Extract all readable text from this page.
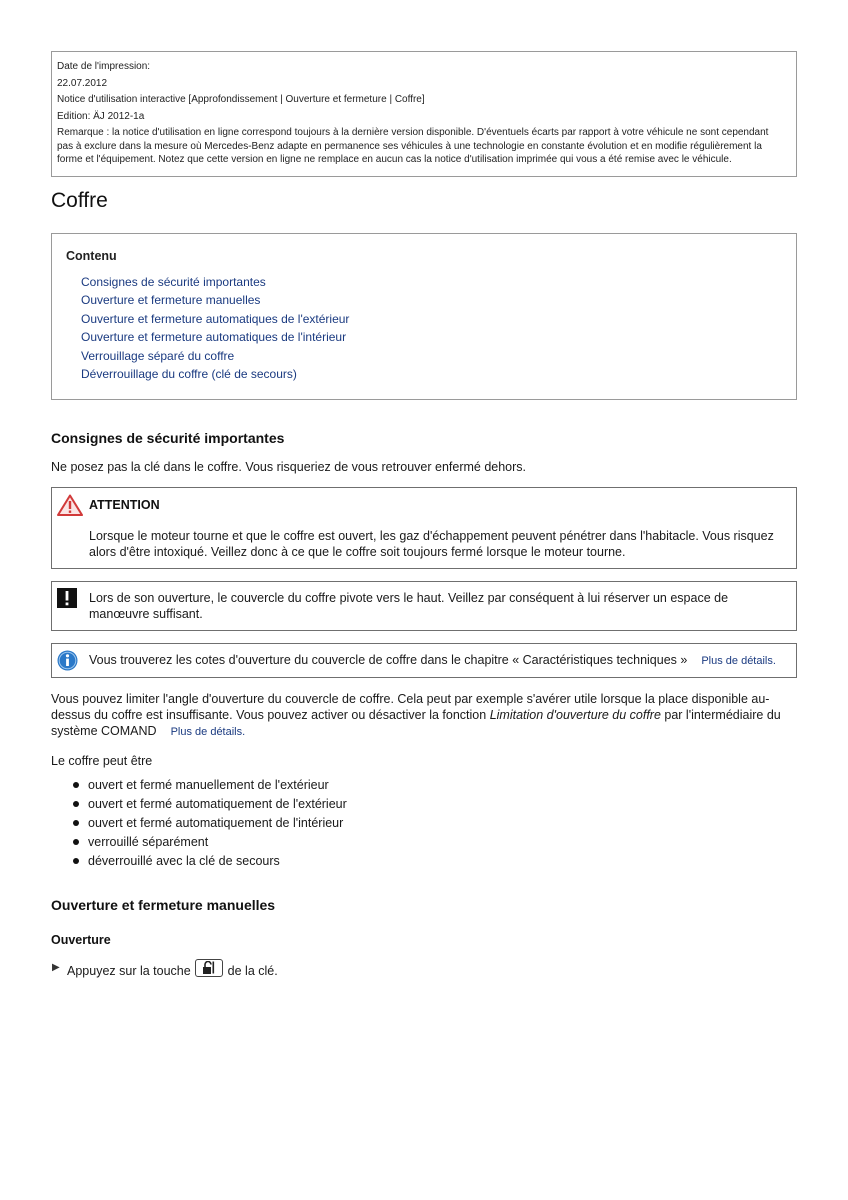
Date de l'impression:
22.07.2012
Notice d'utilisation interactive [Approfondissement | Ouverture et fermeture | Coffre]
Edition: ÄJ 2012-1a
Remarque : la notice d'utilisation en ligne correspond toujours à la dernière version disponible. D'éventuels écarts par rapport à votre véhicule ne sont cependant pas à exclure dans la mesure où Mercedes-Benz adapte en permanence ses véhicules à une technologie en constante évolution et en modifie régulièrement la forme et l'équipement. Notez que cette version en ligne ne remplace en aucun cas la notice d'utilisation imprimée qui vous a été remise avec le véhicule.
Coffre
Contenu
Consignes de sécurité importantes
Ouverture et fermeture manuelles
Ouverture et fermeture automatiques de l'extérieur
Ouverture et fermeture automatiques de l'intérieur
Verrouillage séparé du coffre
Déverrouillage du coffre (clé de secours)
Consignes de sécurité importantes

Ne posez pas la clé dans le coffre. Vous risqueriez de vous retrouver enfermé dehors.

ATTENTION

Lorsque le moteur tourne et que le coffre est ouvert, les gaz d'échappement peuvent pénétrer dans l'habitacle. Vous risquez alors d'être intoxiqué. Veillez donc à ce que le coffre soit toujours fermé lorsque le moteur tourne.

Lors de son ouverture, le couvercle du coffre pivote vers le haut. Veillez par conséquent à lui réserver un espace de manœuvre suffisant.

Vous trouverez les cotes d'ouverture du couvercle de coffre dans le chapitre « Caractéristiques techniques » Plus de détails.

Vous pouvez limiter l'angle d'ouverture du couvercle de coffre. Cela peut par exemple s'avérer utile lorsque la place disponible au-dessus du coffre est insuffisante. Vous pouvez activer ou désactiver la fonction Limitation d'ouverture du coffre par l'intermédiaire du système COMAND Plus de détails.

Le coffre peut être

ouvert et fermé manuellement de l'extérieur
ouvert et fermé automatiquement de l'extérieur
ouvert et fermé automatiquement de l'intérieur
verrouillé séparément
déverrouillé avec la clé de secours
Ouverture et fermeture manuelles
Ouverture
▶ Appuyez sur la touche	de la clé.
